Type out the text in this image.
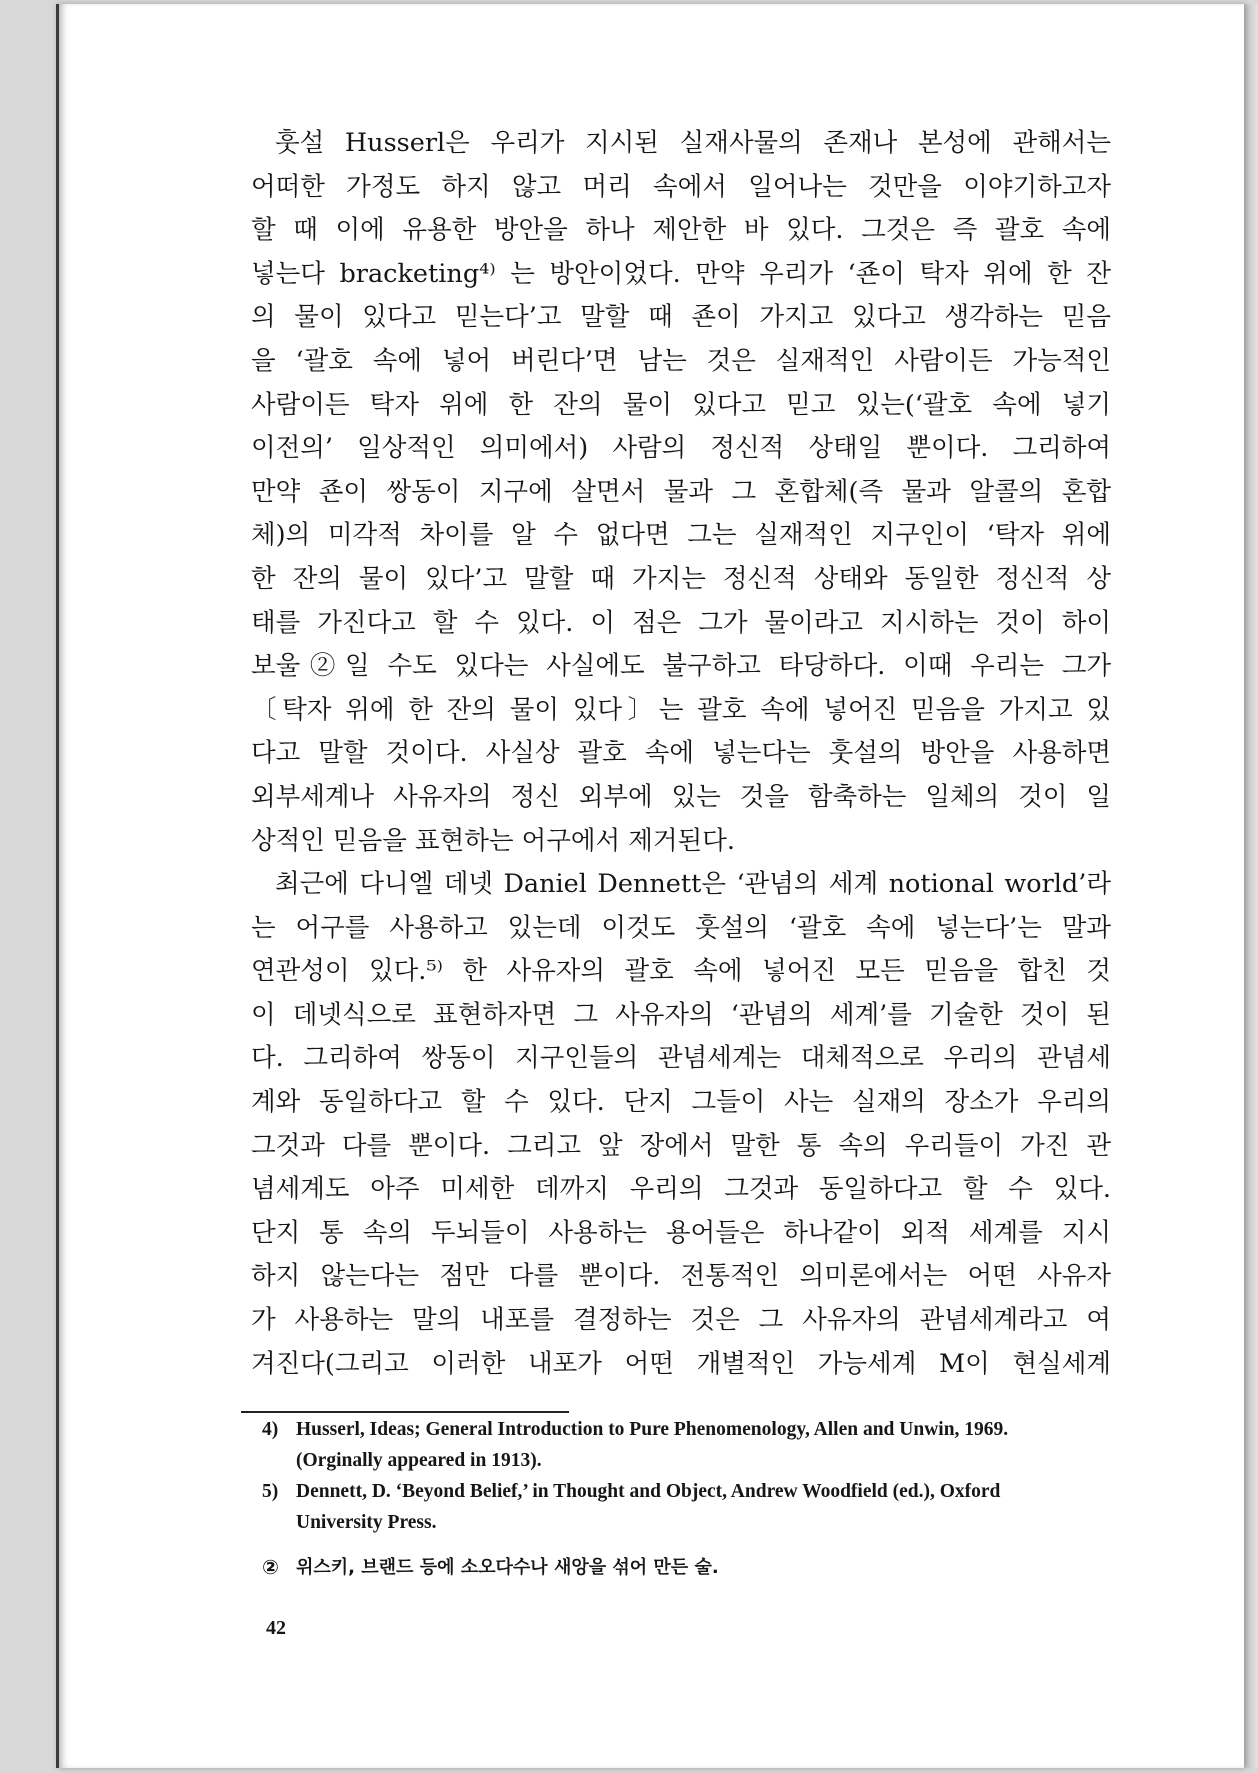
훗설 Husserl은 우리가 지시된 실재사물의 존재나 본성에 관해서는
어떠한 가정도 하지 않고 머리 속에서 일어나는 것만을 이야기하고자
할 때 이에 유용한 방안을 하나 제안한 바 있다. 그것은 즉 괄호 속에
넣는다 bracketing⁴⁾ 는 방안이었다. 만약 우리가 ‘죤이 탁자 위에 한 잔
의 물이 있다고 믿는다’고 말할 때 죤이 가지고 있다고 생각하는 믿음
을 ‘괄호 속에 넣어 버린다’면 남는 것은 실재적인 사람이든 가능적인
사람이든 탁자 위에 한 잔의 물이 있다고 믿고 있는(‘괄호 속에 넣기
이전의’ 일상적인 의미에서) 사람의 정신적 상태일 뿐이다. 그리하여
만약 죤이 쌍동이 지구에 살면서 물과 그 혼합체(즉 물과 알콜의 혼합
체)의 미각적 차이를 알 수 없다면 그는 실재적인 지구인이 ‘탁자 위에
한 잔의 물이 있다’고 말할 때 가지는 정신적 상태와 동일한 정신적 상
태를 가진다고 할 수 있다. 이 점은 그가 물이라고 지시하는 것이 하이
보울②일 수도 있다는 사실에도 불구하고 타당하다. 이때 우리는 그가
〔탁자 위에 한 잔의 물이 있다〕는 괄호 속에 넣어진 믿음을 가지고 있
다고 말할 것이다. 사실상 괄호 속에 넣는다는 훗설의 방안을 사용하면
외부세계나 사유자의 정신 외부에 있는 것을 함축하는 일체의 것이 일
상적인 믿음을 표현하는 어구에서 제거된다.
최근에 다니엘 데넷 Daniel Dennett은 ‘관념의 세계 notional world’라
는 어구를 사용하고 있는데 이것도 훗설의 ‘괄호 속에 넣는다’는 말과
연관성이 있다.⁵⁾ 한 사유자의 괄호 속에 넣어진 모든 믿음을 합친 것
이 데넷식으로 표현하자면 그 사유자의 ‘관념의 세계’를 기술한 것이 된
다. 그리하여 쌍동이 지구인들의 관념세계는 대체적으로 우리의 관념세
계와 동일하다고 할 수 있다. 단지 그들이 사는 실재의 장소가 우리의
그것과 다를 뿐이다. 그리고 앞 장에서 말한 통 속의 우리들이 가진 관
념세계도 아주 미세한 데까지 우리의 그것과 동일하다고 할 수 있다.
단지 통 속의 두뇌들이 사용하는 용어들은 하나같이 외적 세계를 지시
하지 않는다는 점만 다를 뿐이다. 전통적인 의미론에서는 어떤 사유자
가 사용하는 말의 내포를 결정하는 것은 그 사유자의 관념세계라고 여
겨진다(그리고 이러한 내포가 어떤 개별적인 가능세계 M이 현실세계
4) Husserl, Ideas; General Introduction to Pure Phenomenology, Allen and Unwin, 1969.
(Orginally appeared in 1913).
5) Dennett, D. ‘Beyond Belief,’ in Thought and Object, Andrew Woodfield (ed.), Oxford
University Press.
② 위스키, 브랜드 등에 소오다수나 새앙을 섞어 만든 술.
42
